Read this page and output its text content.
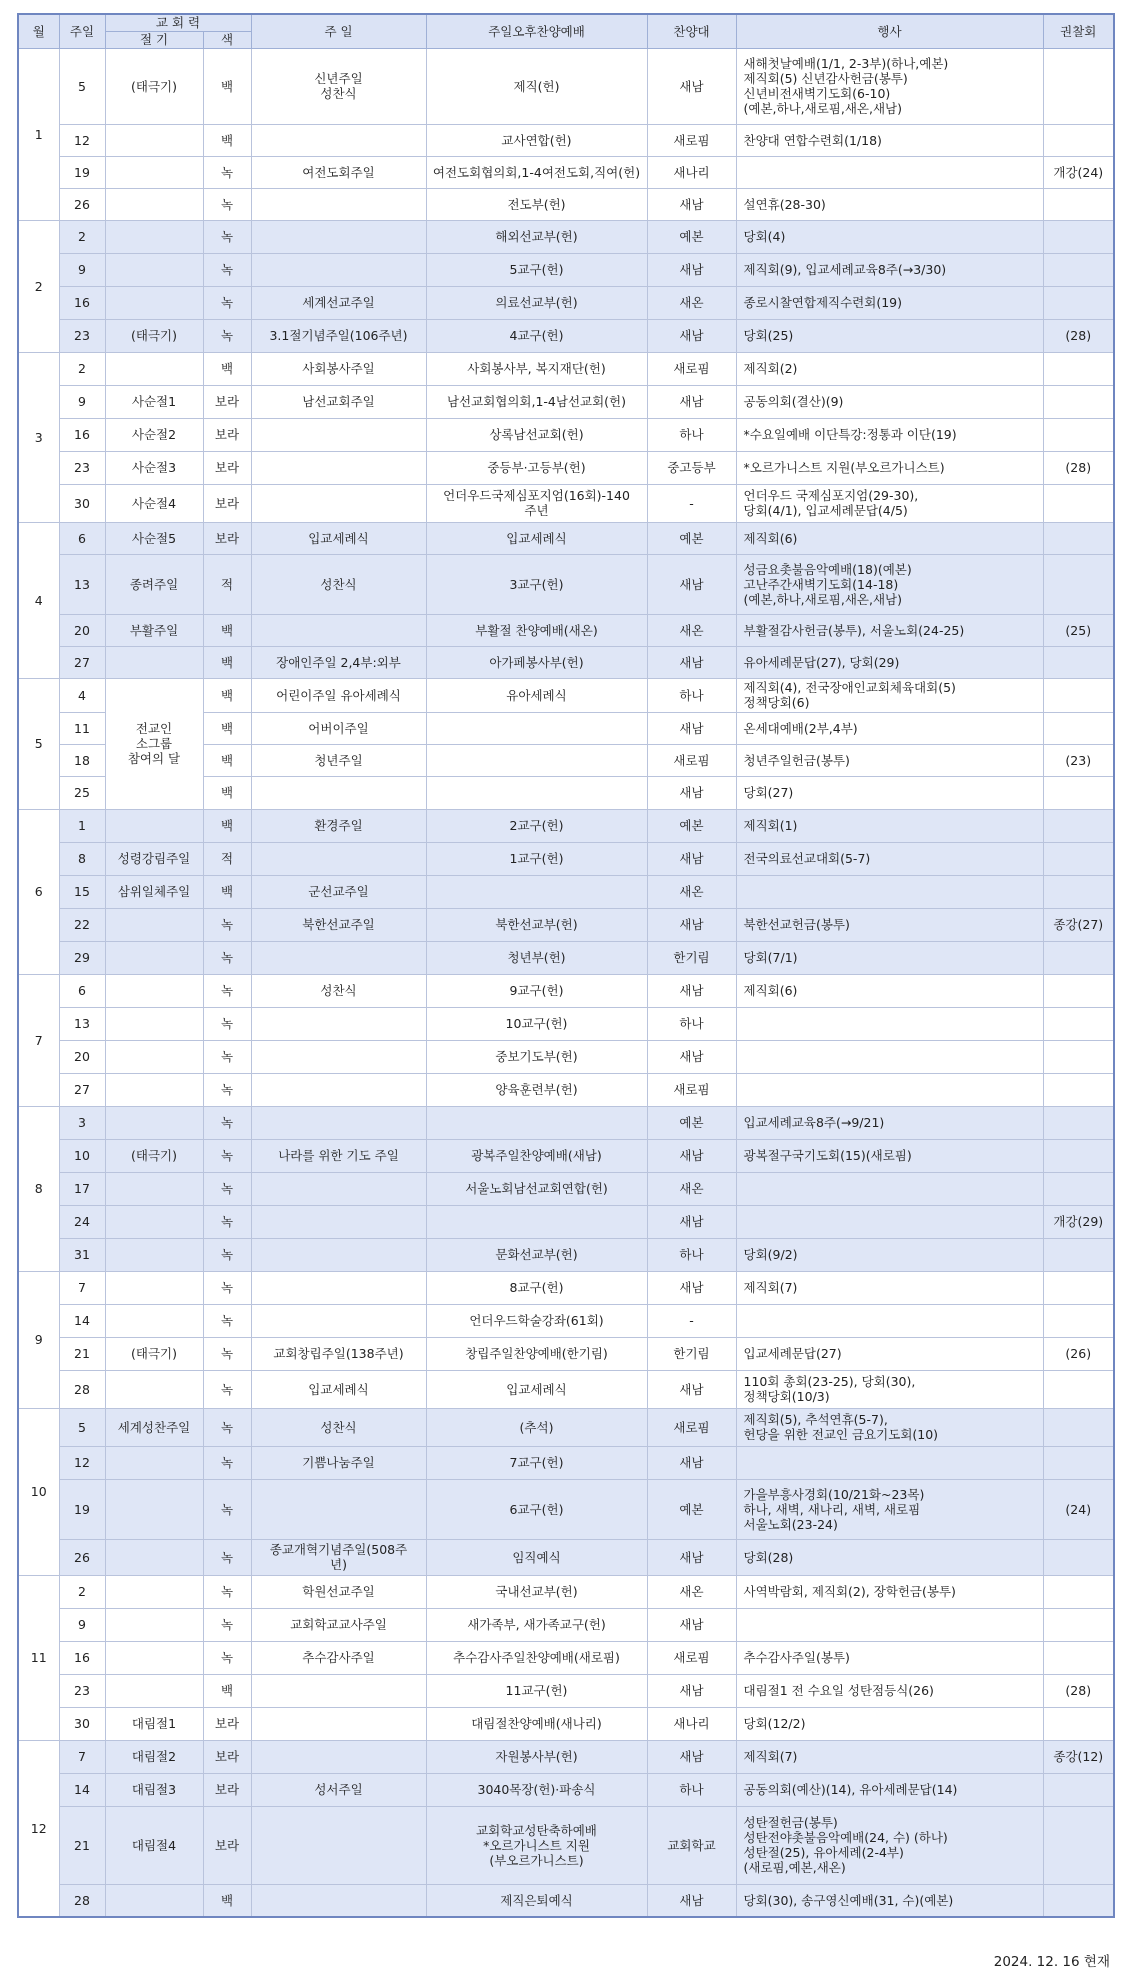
월	주일	교 회 력		주 일	주일오후찬양예배	찬양대	행사	권찰회
		절 기	색					
1	5	(태극기)	백	신년주일
성찬식	제직(헌)	새남	새해첫날예배(1/1, 2-3부)(하나,예본)
제직회(5) 신년감사헌금(봉투)
신년비전새벽기도회(6-10)
(예본,하나,새로핌,새온,새남)	
	12		백		교사연합(헌)	새로핌	찬양대 연합수련회(1/18)	
	19		녹	여전도회주일	여전도회협의회,1-4여전도회,직여(헌)	새나리		개강(24)
	26		녹		전도부(헌)	새남	설연휴(28-30)	
2	2		녹		해외선교부(헌)	예본	당회(4)	
	9		녹		5교구(헌)	새남	제직회(9), 입교세례교육8주(→3/30)	
	16		녹	세계선교주일	의료선교부(헌)	새온	종로시찰연합제직수련회(19)	
	23	(태극기)	녹	3.1절기념주일(106주년)	4교구(헌)	새남	당회(25)	(28)
3	2		백	사회봉사주일	사회봉사부, 복지재단(헌)	새로핌	제직회(2)	
	9	사순절1	보라	남선교회주일	남선교회협의회,1-4남선교회(헌)	새남	공동의회(결산)(9)	
	16	사순절2	보라		상록남선교회(헌)	하나	*수요일예배 이단특강:정통과 이단(19)	
	23	사순절3	보라		중등부·고등부(헌)	중고등부	*오르가니스트 지원(부오르가니스트)	(28)
	30	사순절4	보라		언더우드국제심포지엄(16회)-140
주년	-	언더우드 국제심포지엄(29-30),
당회(4/1), 입교세례문답(4/5)	
4	6	사순절5	보라	입교세례식	입교세례식	예본	제직회(6)	
	13	종려주일	적	성찬식	3교구(헌)	새남	성금요촛불음악예배(18)(예본)
고난주간새벽기도회(14-18)
(예본,하나,새로핌,새온,새남)	
	20	부활주일	백		부활절 찬양예배(새온)	새온	부활절감사헌금(봉투), 서울노회(24-25)	(25)
	27		백	장애인주일 2,4부:외부	아가페봉사부(헌)	새남	유아세례문답(27), 당회(29)	
5	4	전교인
소그룹
참여의 달	백	어린이주일 유아세례식	유아세례식	하나	제직회(4), 전국장애인교회체육대회(5)
정책당회(6)	
	11		백	어버이주일		새남	온세대예배(2부,4부)	
	18		백	청년주일		새로핌	청년주일헌금(봉투)	(23)
	25		백			새남	당회(27)	
6	1		백	환경주일	2교구(헌)	예본	제직회(1)	
	8	성령강림주일	적		1교구(헌)	새남	전국의료선교대회(5-7)	
	15	삼위일체주일	백	군선교주일		새온		
	22		녹	북한선교주일	북한선교부(헌)	새남	북한선교헌금(봉투)	종강(27)
	29		녹		청년부(헌)	한기림	당회(7/1)	
7	6		녹	성찬식	9교구(헌)	새남	제직회(6)	
	13		녹		10교구(헌)	하나		
	20		녹		중보기도부(헌)	새남		
	27		녹		양육훈련부(헌)	새로핌		
8	3		녹			예본	입교세례교육8주(→9/21)	
	10	(태극기)	녹	나라를 위한 기도 주일	광복주일찬양예배(새남)	새남	광복절구국기도회(15)(새로핌)	
	17		녹		서울노회남선교회연합(헌)	새온		
	24		녹			새남		개강(29)
	31		녹		문화선교부(헌)	하나	당회(9/2)	
9	7		녹		8교구(헌)	새남	제직회(7)	
	14		녹		언더우드학술강좌(61회)	-		
	21	(태극기)	녹	교회창립주일(138주년)	창립주일찬양예배(한기림)	한기림	입교세례문답(27)	(26)
	28		녹	입교세례식	입교세례식	새남	110회 총회(23-25), 당회(30),
정책당회(10/3)	
10	5	세계성찬주일	녹	성찬식	(추석)	새로핌	제직회(5), 추석연휴(5-7),
헌당을 위한 전교인 금요기도회(10)	
	12		녹	기쁨나눔주일	7교구(헌)	새남		
	19		녹		6교구(헌)	예본	가을부흥사경회(10/21화~23목)
하나, 새벽, 새나리, 새벽, 새로핌
서울노회(23-24)	(24)
	26		녹	종교개혁기념주일(508주
년)	임직예식	새남	당회(28)	
11	2		녹	학원선교주일	국내선교부(헌)	새온	사역박람회, 제직회(2), 장학헌금(봉투)	
	9		녹	교회학교교사주일	새가족부, 새가족교구(헌)	새남		
	16		녹	추수감사주일	추수감사주일찬양예배(새로핌)	새로핌	추수감사주일(봉투)	
	23		백		11교구(헌)	새남	대림절1 전 수요일 성탄점등식(26)	(28)
	30	대림절1	보라		대림절찬양예배(새나리)	새나리	당회(12/2)	
12	7	대림절2	보라		자원봉사부(헌)	새남	제직회(7)	종강(12)
	14	대림절3	보라	성서주일	3040목장(헌)·파송식	하나	공동의회(예산)(14), 유아세례문답(14)	
	21	대림절4	보라		교회학교성탄축하예배
*오르가니스트 지원
(부오르가니스트)	교회학교	성탄절헌금(봉투)
성탄전야촛불음악예배(24, 수) (하나)
성탄절(25), 유아세례(2-4부)
(새로핌,예본,새온)	
	28		백		제직은퇴예식	새남	당회(30), 송구영신예배(31, 수)(예본)	
2024. 12. 16 현재
